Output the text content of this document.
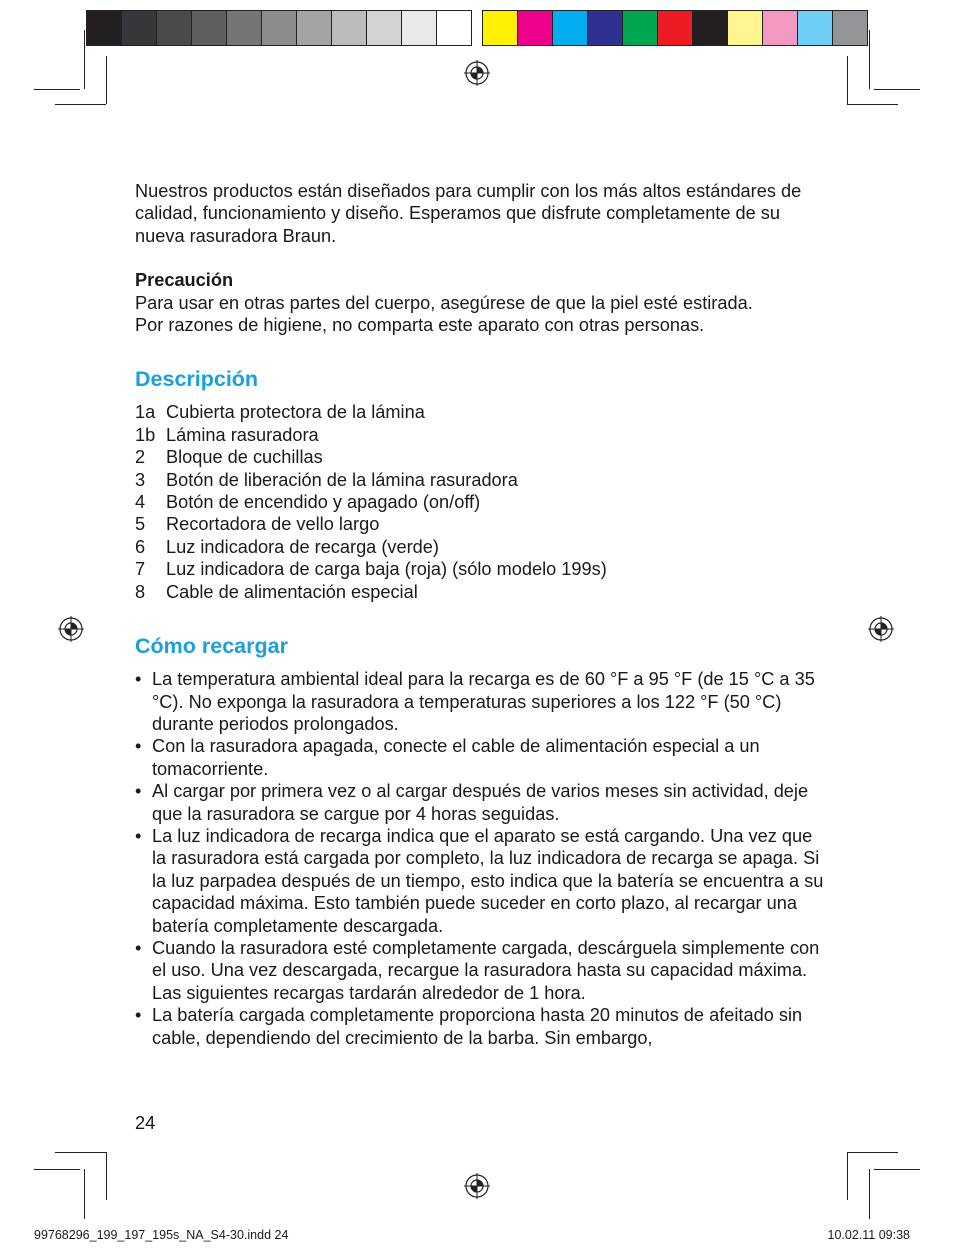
Nuestros productos están diseñados para cumplir con los más altos estándares de calidad, funcionamiento y diseño. Esperamos que disfrute completamente de su nueva rasuradora Braun.

Precaución

Para usar en otras partes del cuerpo, asegúrese de que la piel esté estirada.

Por razones de higiene, no comparta este aparato con otras personas.

Descripción
1a Cubierta protectora de la lámina
1b Lámina rasuradora
2	Bloque de cuchillas
3	Botón de liberación de la lámina rasuradora
4	Botón de encendido y apagado (on/off)
5	Recortadora de vello largo
6	Luz indicadora de recarga (verde)
7	Luz indicadora de carga baja (roja) (sólo modelo 199s)
8	Cable de alimentación especial
Cómo recargar
• La temperatura ambiental ideal para la recarga es de 60 °F a 95 °F (de 15 °C a 35 °C). No exponga la rasuradora a temperaturas superiores a los 122 °F (50 °C) durante periodos prolongados.
• Con la rasuradora apagada, conecte el cable de alimentación especial a un tomacorriente.
• Al cargar por primera vez o al cargar después de varios meses sin actividad, deje que la rasuradora se cargue por 4 horas seguidas.
• La luz indicadora de recarga indica que el aparato se está cargando. Una vez que la rasuradora está cargada por completo, la luz indicadora de recarga se apaga. Si la luz parpadea después de un tiempo, esto indica que la batería se encuentra a su capacidad máxima. Esto también puede suceder en corto plazo, al recargar una batería completamente descargada.
• Cuando la rasuradora esté completamente cargada, descárguela simplemente con el uso. Una vez descargada, recargue la rasuradora hasta su capacidad máxima. Las siguientes recargas tardarán alrededor de 1 hora.
• La batería cargada completamente proporciona hasta 20 minutos de afeitado sin cable, dependiendo del crecimiento de la barba. Sin embargo,
24
99768296_199_197_195s_NA_S4-30.indd 24	10.02.11 09:38
